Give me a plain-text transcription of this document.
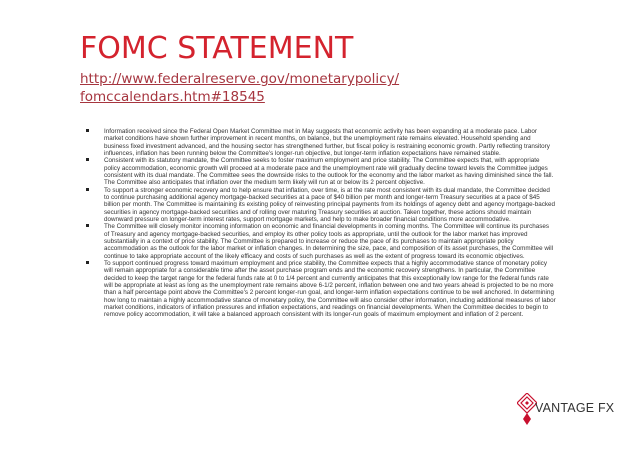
FOMC STATEMENT
http://www.federalreserve.gov/monetarypolicy/
fomccalendars.htm#18545
Information received since the Federal Open Market Committee met in May suggests that economic activity has been expanding at a moderate pace. Labor market conditions have shown further improvement in recent months, on balance, but the unemployment rate remains elevated. Household spending and business fixed investment advanced, and the housing sector has strengthened further, but fiscal policy is restraining economic growth. Partly reflecting transitory influences, inflation has been running below the Committee's longer-run objective, but longer-term inflation expectations have remained stable.
Consistent with its statutory mandate, the Committee seeks to foster maximum employment and price stability. The Committee expects that, with appropriate policy accommodation, economic growth will proceed at a moderate pace and the unemployment rate will gradually decline toward levels the Committee judges consistent with its dual mandate. The Committee sees the downside risks to the outlook for the economy and the labor market as having diminished since the fall. The Committee also anticipates that inflation over the medium term likely will run at or below its 2 percent objective.
To support a stronger economic recovery and to help ensure that inflation, over time, is at the rate most consistent with its dual mandate, the Committee decided to continue purchasing additional agency mortgage-backed securities at a pace of $40 billion per month and longer-term Treasury securities at a pace of $45 billion per month. The Committee is maintaining its existing policy of reinvesting principal payments from its holdings of agency debt and agency mortgage-backed securities in agency mortgage-backed securities and of rolling over maturing Treasury securities at auction. Taken together, these actions should maintain downward pressure on longer-term interest rates, support mortgage markets, and help to make broader financial conditions more accommodative.
The Committee will closely monitor incoming information on economic and financial developments in coming months. The Committee will continue its purchases of Treasury and agency mortgage-backed securities, and employ its other policy tools as appropriate, until the outlook for the labor market has improved substantially in a context of price stability. The Committee is prepared to increase or reduce the pace of its purchases to maintain appropriate policy accommodation as the outlook for the labor market or inflation changes. In determining the size, pace, and composition of its asset purchases, the Committee will continue to take appropriate account of the likely efficacy and costs of such purchases as well as the extent of progress toward its economic objectives.
To support continued progress toward maximum employment and price stability, the Committee expects that a highly accommodative stance of monetary policy will remain appropriate for a considerable time after the asset purchase program ends and the economic recovery strengthens. In particular, the Committee decided to keep the target range for the federal funds rate at 0 to 1/4 percent and currently anticipates that this exceptionally low range for the federal funds rate will be appropriate at least as long as the unemployment rate remains above 6-1/2 percent, inflation between one and two years ahead is projected to be no more than a half percentage point above the Committee's 2 percent longer-run goal, and longer-term inflation expectations continue to be well anchored. In determining how long to maintain a highly accommodative stance of monetary policy, the Committee will also consider other information, including additional measures of labor market conditions, indicators of inflation pressures and inflation expectations, and readings on financial developments. When the Committee decides to begin to remove policy accommodation, it will take a balanced approach consistent with its longer-run goals of maximum employment and inflation of 2 percent.
VANTAGE FX
